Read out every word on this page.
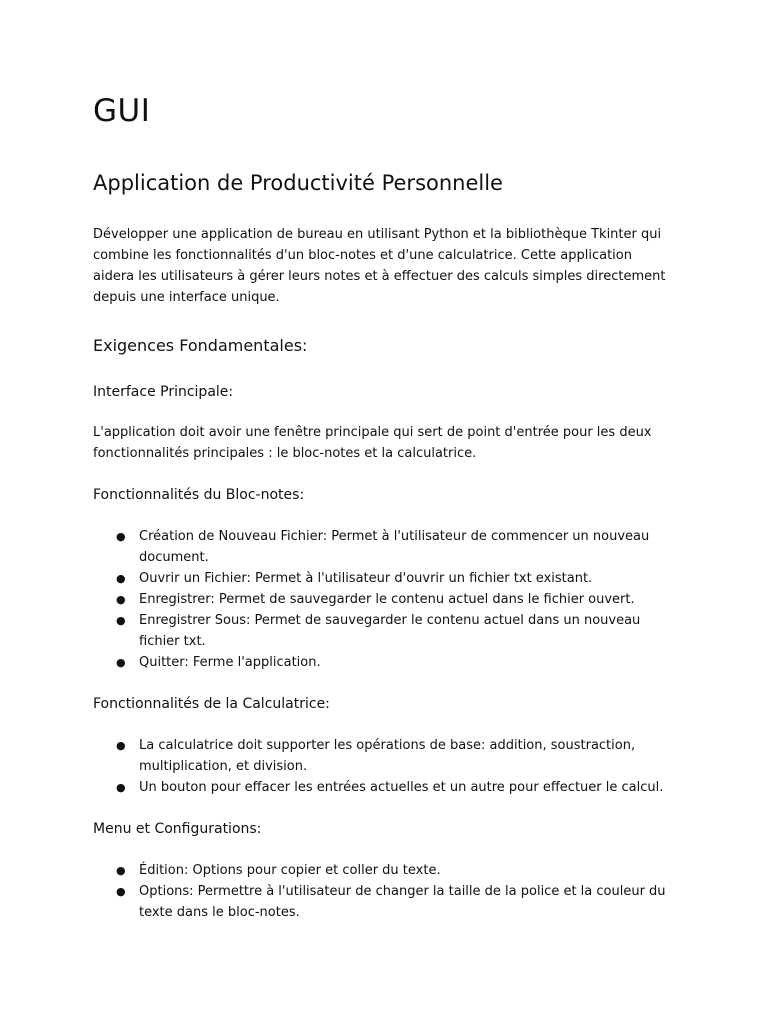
GUI
Application de Productivité Personnelle

Développer une application de bureau en utilisant Python et la bibliothèque Tkinter qui combine les fonctionnalités d'un bloc-notes et d'une calculatrice. Cette application aidera les utilisateurs à gérer leurs notes et à effectuer des calculs simples directement depuis une interface unique.

Exigences Fondamentales:
Interface Principale:

L'application doit avoir une fenêtre principale qui sert de point d'entrée pour les deux fonctionnalités principales : le bloc-notes et la calculatrice.

Fonctionnalités du Bloc-notes:
● Création de Nouveau Fichier: Permet à l'utilisateur de commencer un nouveau document.
● Ouvrir un Fichier: Permet à l'utilisateur d'ouvrir un fichier txt existant.
● Enregistrer: Permet de sauvegarder le contenu actuel dans le fichier ouvert.
● Enregistrer Sous: Permet de sauvegarder le contenu actuel dans un nouveau fichier txt.
● Quitter: Ferme l'application.
Fonctionnalités de la Calculatrice:
● La calculatrice doit supporter les opérations de base: addition, soustraction, multiplication, et division.
● Un bouton pour effacer les entrées actuelles et un autre pour effectuer le calcul.
Menu et Configurations:
● Édition: Options pour copier et coller du texte.
● Options: Permettre à l'utilisateur de changer la taille de la police et la couleur du texte dans le bloc-notes.
